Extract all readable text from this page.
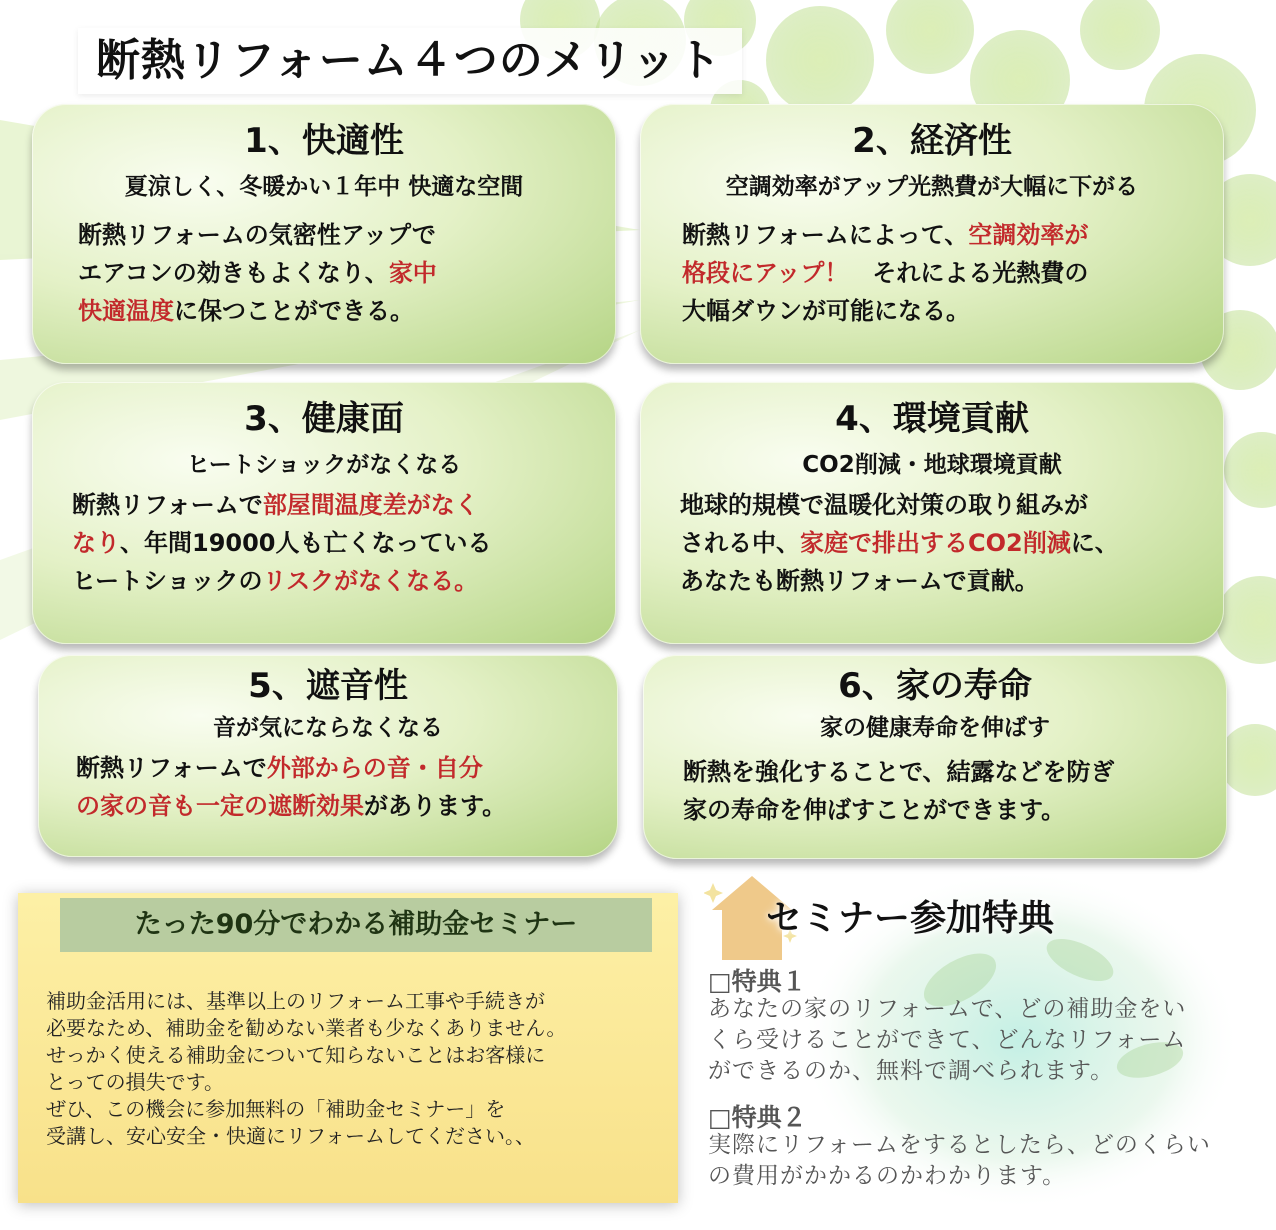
断熱リフォーム４つのメリット
1、快適性
夏涼しく、冬暖かい１年中 快適な空間
断熱リフォームの気密性アップで
エアコンの効きもよくなり、家中
快適温度に保つことができる。
2、経済性
空調効率がアップ光熱費が大幅に下がる
断熱リフォームによって、空調効率が
格段にアップ！　それによる光熱費の
大幅ダウンが可能になる。
3、健康面
ヒートショックがなくなる
断熱リフォームで部屋間温度差がなく
なり、年間19000人も亡くなっている
ヒートショックのリスクがなくなる。
4、環境貢献
CO2削減・地球環境貢献
地球的規模で温暖化対策の取り組みが
される中、家庭で排出するCO2削減に、
あなたも断熱リフォームで貢献。
5、遮音性
音が気にならなくなる
断熱リフォームで外部からの音・自分
の家の音も一定の遮断効果があります。
6、家の寿命
家の健康寿命を伸ばす
断熱を強化することで、結露などを防ぎ
家の寿命を伸ばすことができます。
たった90分でわかる補助金セミナー
補助金活用には、基準以上のリフォーム工事や手続きが
必要なため、補助金を勧めない業者も少なくありません。
せっかく使える補助金について知らないことはお客様に
とっての損失です。
ぜひ、この機会に参加無料の「補助金セミナー」を
受講し、安心安全・快適にリフォームしてください。、
セミナー参加特典
□特典１
あなたの家のリフォームで、どの補助金をい
くら受けることができて、どんなリフォーム
ができるのか、無料で調べられます。
□特典２
実際にリフォームをするとしたら、どのくらい
の費用がかかるのかわかります。
